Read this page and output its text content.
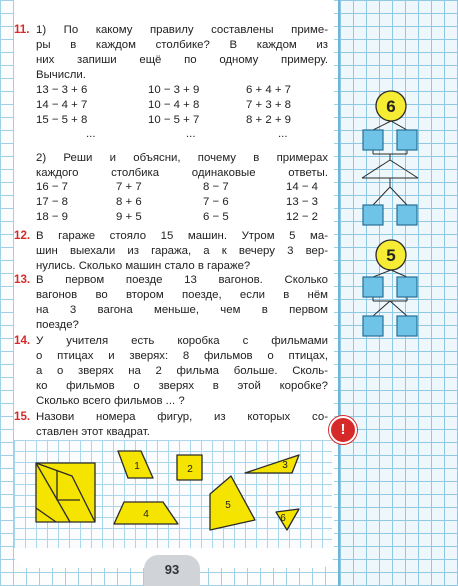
11. 1) По какому правилу составлены приме-
ры в каждом столбике? В каждом из
них запиши ещё по одному примеру.
Вычисли.
13 − 3 + 6	10 − 3 + 9	6 + 4 + 7
14 − 4 + 7	10 − 4 + 8	7 + 3 + 8
15 − 5 + 8	10 − 5 + 7	8 + 2 + 9
...	...	...
2) Реши и объясни, почему в примерах
каждого столбика одинаковые ответы.
16 − 7	7 + 7	8 − 7	14 − 4
17 − 8	8 + 6	7 − 6	13 − 3
18 − 9	9 + 5	6 − 5	12 − 2
12. В гараже стояло 15 машин. Утром 5 ма-
шин выехали из гаража, а к вечеру 3 вер-
нулись. Сколько машин стало в гараже?
13. В первом поезде 13 вагонов. Сколько
вагонов во втором поезде, если в нём
на 3 вагона меньше, чем в первом
поезде?
14. У учителя есть коробка с фильмами
о птицах и зверях: 8 фильмов о птицах,
а о зверях на 2 фильма больше. Сколь-
ко фильмов о зверях в этой коробке?
Сколько всего фильмов ... ?
15. Назови номера фигур, из которых со-
ставлен этот квадрат.	!
1	2	3
4
5
6
6
5
93
